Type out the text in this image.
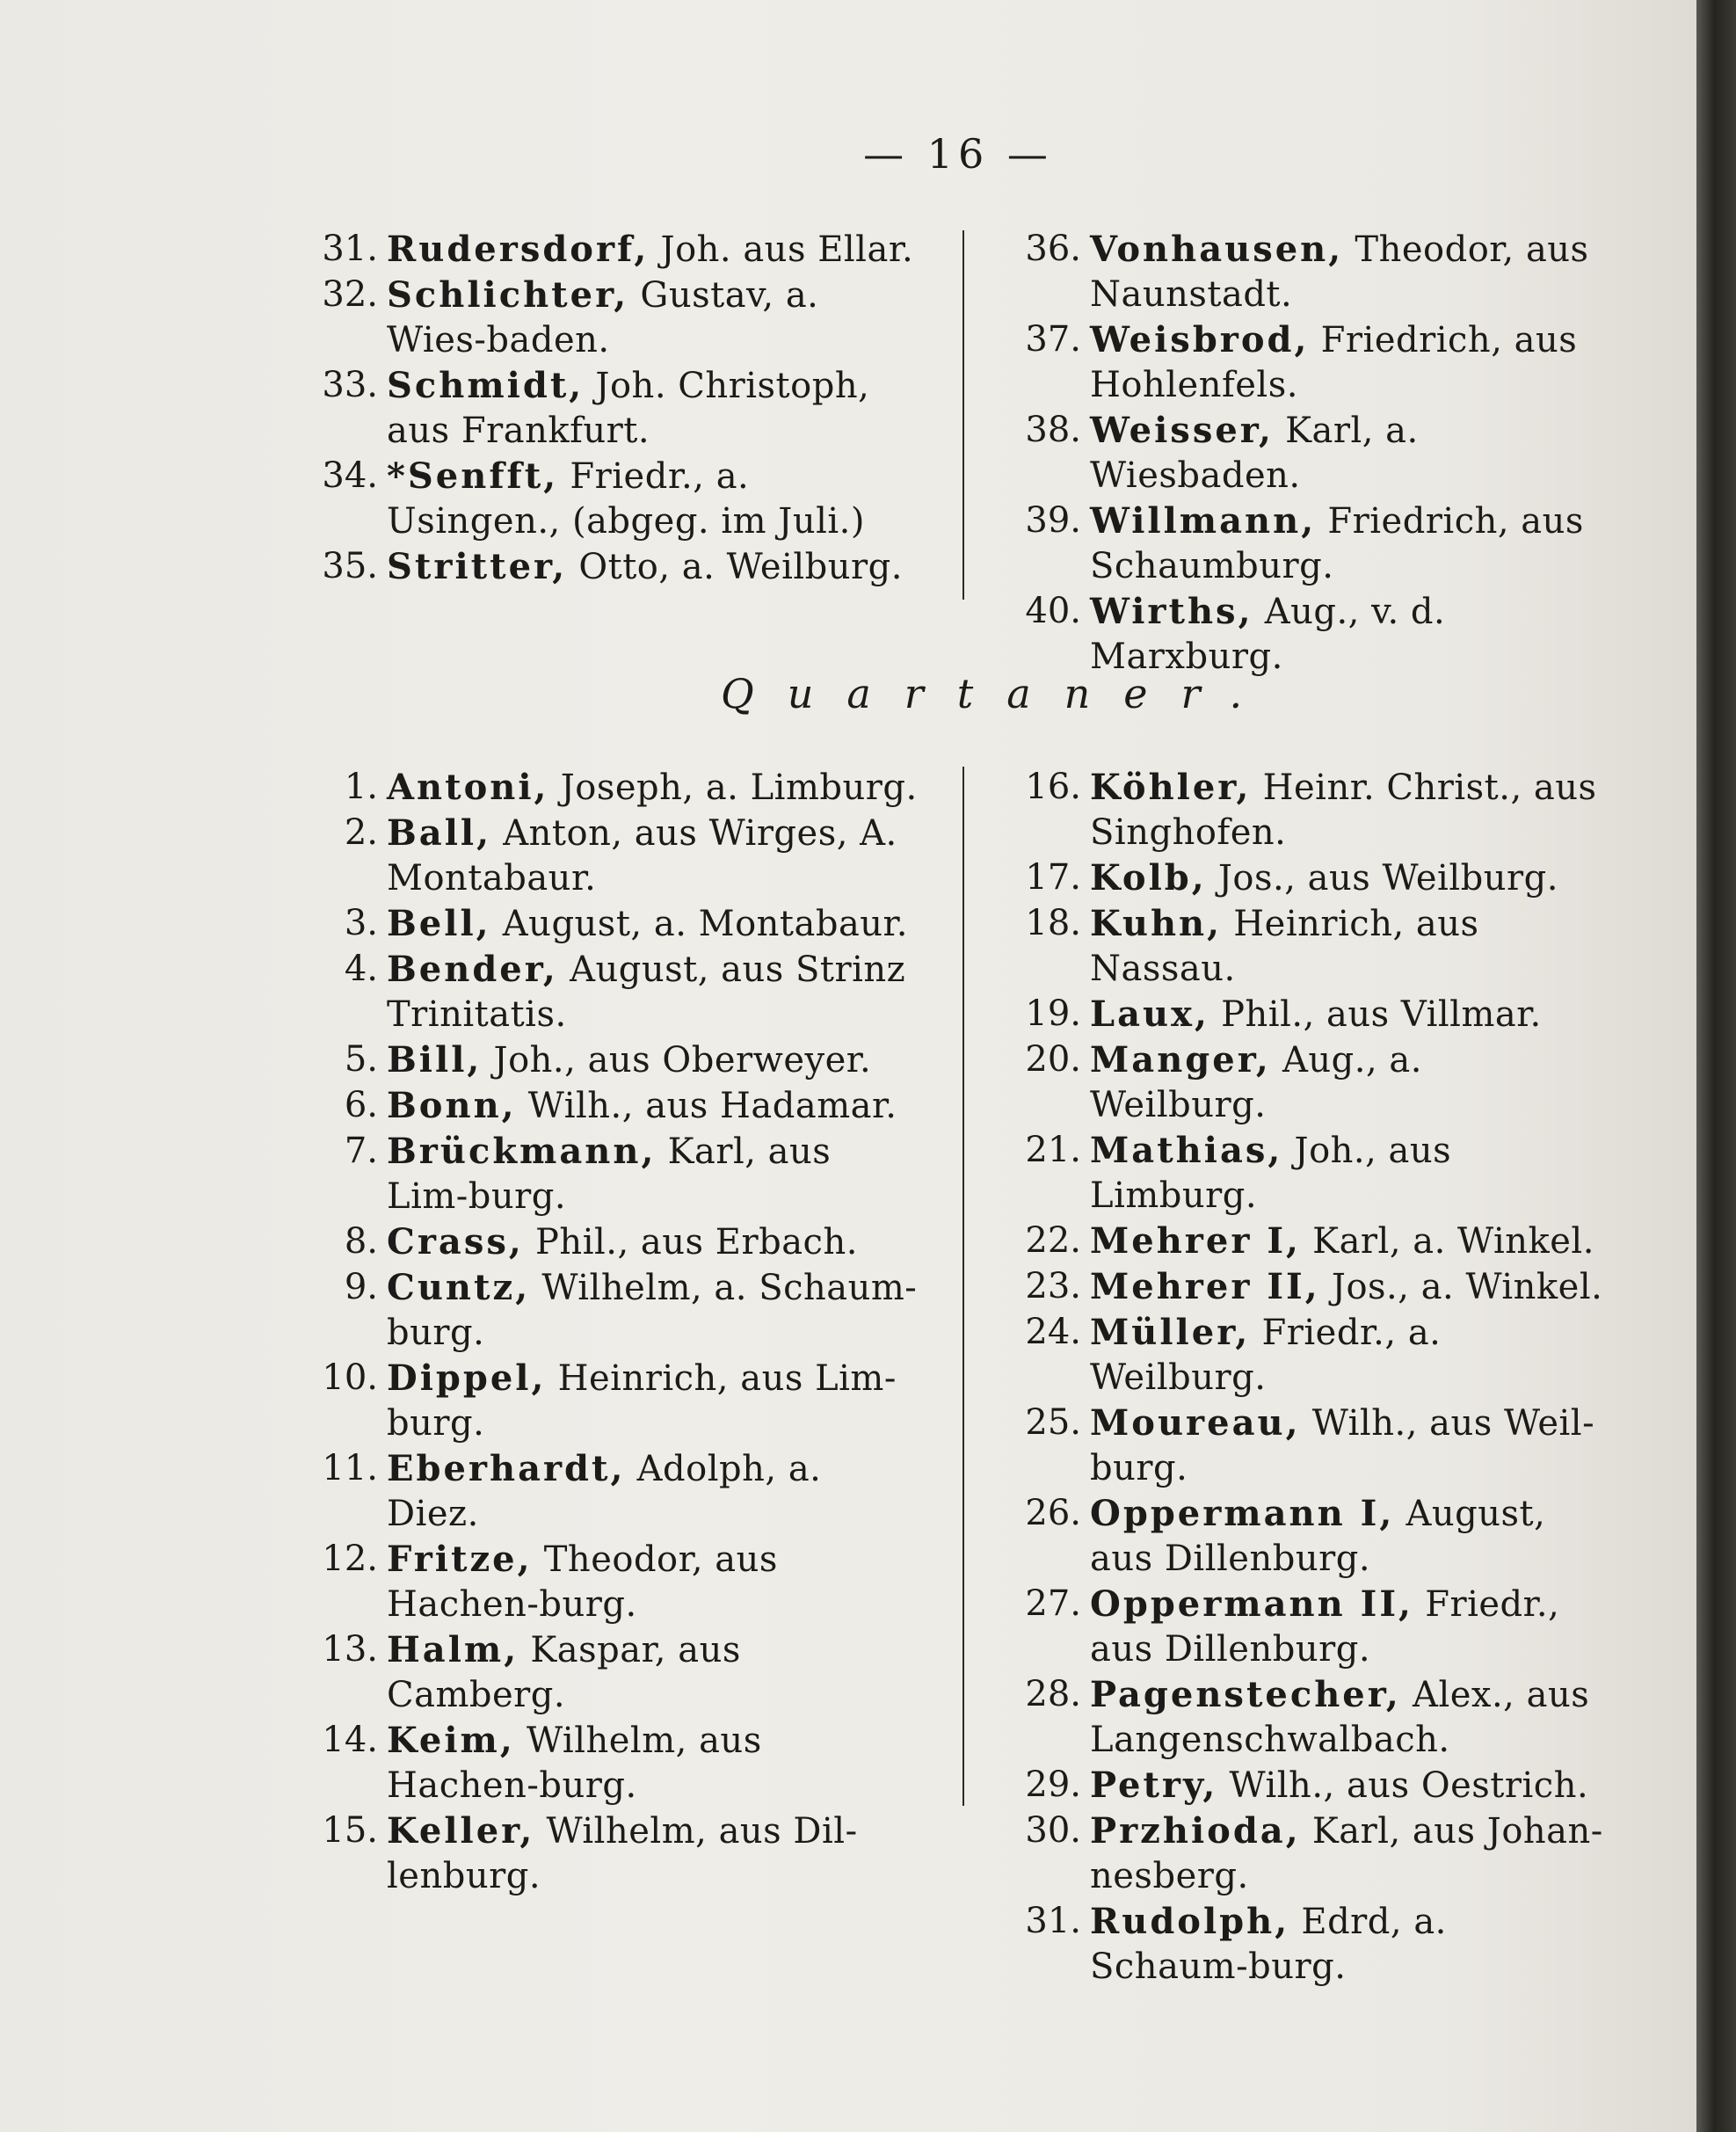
— 16 —
31. Rudersdorf, Joh. aus Ellar.
32. Schlichter, Gustav, a. Wies-baden.
33. Schmidt, Joh. Christoph, aus Frankfurt.
34. *Senfft, Friedr., a. Usingen., (abgeg. im Juli.)
35. Stritter, Otto, a. Weilburg.
36. Vonhausen, Theodor, aus Naunstadt.
37. Weisbrod, Friedrich, aus Hohlenfels.
38. Weisser, Karl, a. Wiesbaden.
39. Willmann, Friedrich, aus Schaumburg.
40. Wirths, Aug., v. d. Marxburg.
Quartaner.
1. Antoni, Joseph, a. Limburg.
2. Ball, Anton, aus Wirges, A. Montabaur.
3. Bell, August, a. Montabaur.
4. Bender, August, aus Strinz Trinitatis.
5. Bill, Joh., aus Oberweyer.
6. Bonn, Wilh., aus Hadamar.
7. Brückmann, Karl, aus Lim-burg.
8. Crass, Phil., aus Erbach.
9. Cuntz, Wilhelm, a. Schaum-burg.
10. Dippel, Heinrich, aus Lim-burg.
11. Eberhardt, Adolph, a. Diez.
12. Fritze, Theodor, aus Hachen-burg.
13. Halm, Kaspar, aus Camberg.
14. Keim, Wilhelm, aus Hachen-burg.
15. Keller, Wilhelm, aus Dil-lenburg.
16. Köhler, Heinr. Christ., aus Singhofen.
17. Kolb, Jos., aus Weilburg.
18. Kuhn, Heinrich, aus Nassau.
19. Laux, Phil., aus Villmar.
20. Manger, Aug., a. Weilburg.
21. Mathias, Joh., aus Limburg.
22. Mehrer I, Karl, a. Winkel.
23. Mehrer II, Jos., a. Winkel.
24. Müller, Friedr., a. Weilburg.
25. Moureau, Wilh., aus Weil-burg.
26. Oppermann I, August, aus Dillenburg.
27. Oppermann II, Friedr., aus Dillenburg.
28. Pagenstecher, Alex., aus Langenschwalbach.
29. Petry, Wilh., aus Oestrich.
30. Przhioda, Karl, aus Johan-nesberg.
31. Rudolph, Edrd, a. Schaum-burg.
